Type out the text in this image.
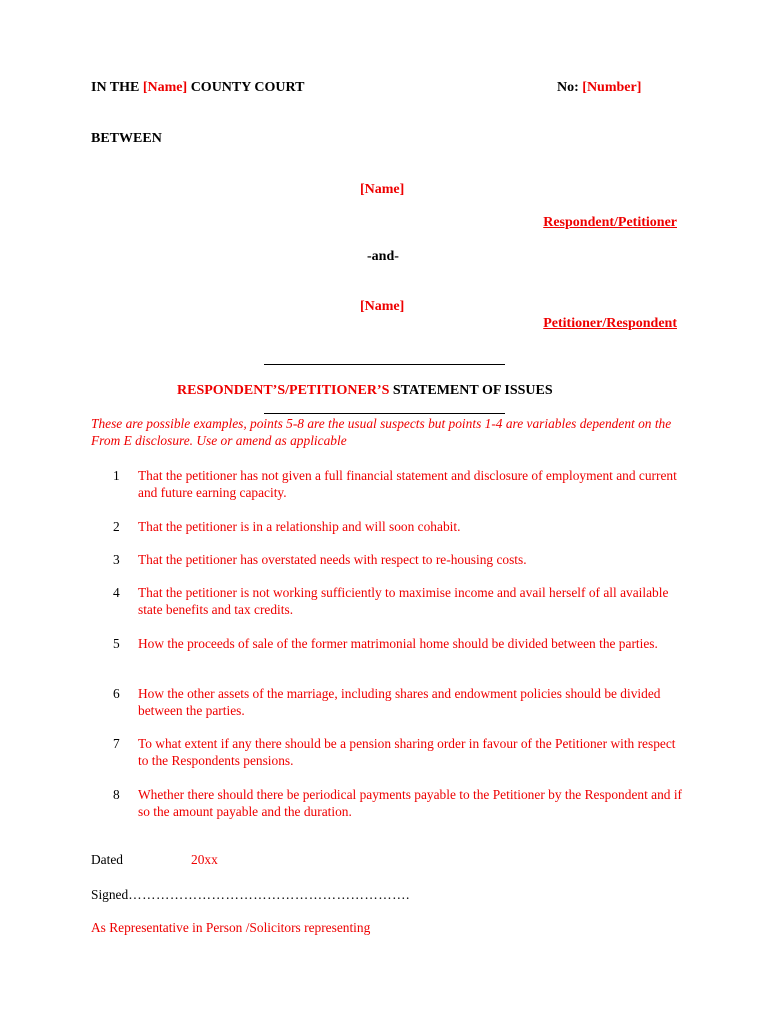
IN THE [Name] COUNTY COURT	No: [Number]
BETWEEN
[Name]
Respondent/Petitioner
-and-
[Name]
Petitioner/Respondent
RESPONDENT’S/PETITIONER’S STATEMENT OF ISSUES
These are possible examples, points 5-8 are the usual suspects but points 1-4 are variables dependent on the From E disclosure. Use or amend as applicable
1	That the petitioner has not given a full financial statement and disclosure of employment and current and future earning capacity.
2	That the petitioner is in a relationship and will soon cohabit.
3	That the petitioner has overstated needs with respect to re-housing costs.
4	That the petitioner is not working sufficiently to maximise income and avail herself of all available state benefits and tax credits.
5	How the proceeds of sale of the former matrimonial home should be divided between the parties.
6	How the other assets of the marriage, including shares and endowment policies should be divided between the parties.
7	To what extent if any there should be a pension sharing order in favour of the Petitioner with respect to the Respondents pensions.
8	Whether there should there be periodical payments payable to the Petitioner by the Respondent and if so the amount payable and the duration.
Dated	20xx
Signed…………………………………………………….
As Representative in Person /Solicitors representing
